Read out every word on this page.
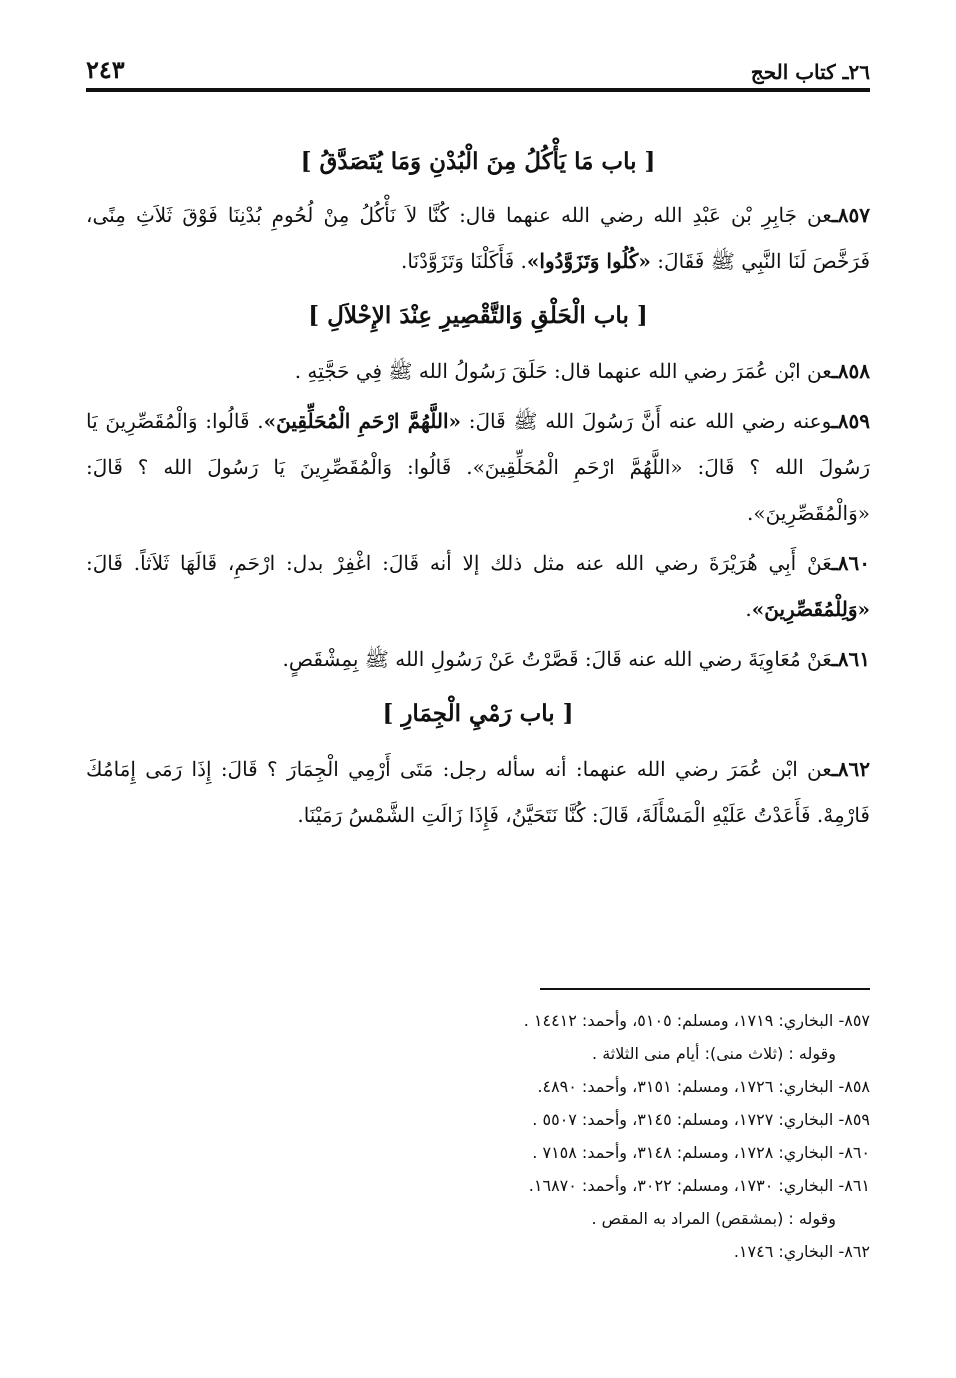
٢٦ـ كتاب الحج
٢٤٣

[ باب مَا يَأْكُلُ مِنَ الْبُدْنِ وَمَا يُتَصَدَّقُ ]

٨٥٧ـعن جَابِرِ بْن عَبْدِ الله رضي الله عنهما قال: كُنَّا لاَ نَأْكُلُ مِنْ لُحُومِ بُدْنِنَا فَوْقَ ثَلاَثِ مِنًى، فَرَخَّصَ لَنَا النَّبِي ﷺ فَقَالَ: «كُلُوا وَتَزَوَّدُوا». فَأَكَلْنَا وَتَزَوَّدْنَا.

[ باب الْحَلْقِ وَالتَّقْصِيرِ عِنْدَ الإِحْلاَلِ ]

٨٥٨ـعن ابْن عُمَرَ رضي الله عنهما قال: حَلَقَ رَسُولُ الله ﷺ فِي حَجَّتِهِ .

٨٥٩ـوعنه رضي الله عنه أَنَّ رَسُولَ الله ﷺ قَالَ: «اللَّهُمَّ ارْحَمِ الْمُحَلِّقِينَ». قَالُوا: وَالْمُقَصِّرِينَ يَا رَسُولَ الله ؟ قَالَ: «اللَّهُمَّ ارْحَمِ الْمُحَلِّقِينَ». قَالُوا: وَالْمُقَصِّرِينَ يَا رَسُولَ الله ؟ قَالَ: «وَالْمُقَصِّرِينَ».

٨٦٠ـعَنْ أَبِي هُرَيْرَةَ رضي الله عنه مثل ذلك إلا أنه قَالَ: اغْفِرْ بدل: ارْحَمِ، قَالَهَا ثَلاَثاً. قَالَ: «وَلِلْمُقَصِّرِينَ».

٨٦١ـعَنْ مُعَاوِيَةَ رضي الله عنه قَالَ: قَصَّرْتُ عَنْ رَسُولِ الله ﷺ بِمِشْقَصٍ.

[ باب رَمْيِ الْجِمَارِ ]

٨٦٢ـعن ابْن عُمَرَ رضي الله عنهما: أنه سأله رجل: مَتَى أَرْمِي الْجِمَارَ ؟ قَالَ: إِذَا رَمَى إِمَامُكَ فَارْمِهْ. فَأَعَدْتُ عَلَيْهِ الْمَسْأَلَةَ، قَالَ: كُنَّا نَتَحَيَّنُ، فَإِذَا زَالَتِ الشَّمْسُ رَمَيْنَا.

٨٥٧- البخاري: ١٧١٩، ومسلم: ٥١٠٥، وأحمد: ١٤٤١٢ .

وقوله : (ثلاث منى): أيام منى الثلاثة .

٨٥٨- البخاري: ١٧٢٦، ومسلم: ٣١٥١، وأحمد: ٤٨٩٠.

٨٥٩- البخاري: ١٧٢٧، ومسلم: ٣١٤٥، وأحمد: ٥٥٠٧ .

٨٦٠- البخاري: ١٧٢٨، ومسلم: ٣١٤٨، وأحمد: ٧١٥٨ .

٨٦١- البخاري: ١٧٣٠، ومسلم: ٣٠٢٢، وأحمد: ١٦٨٧٠.

وقوله : (بمشقص) المراد به المقص .

٨٦٢- البخاري: ١٧٤٦.
